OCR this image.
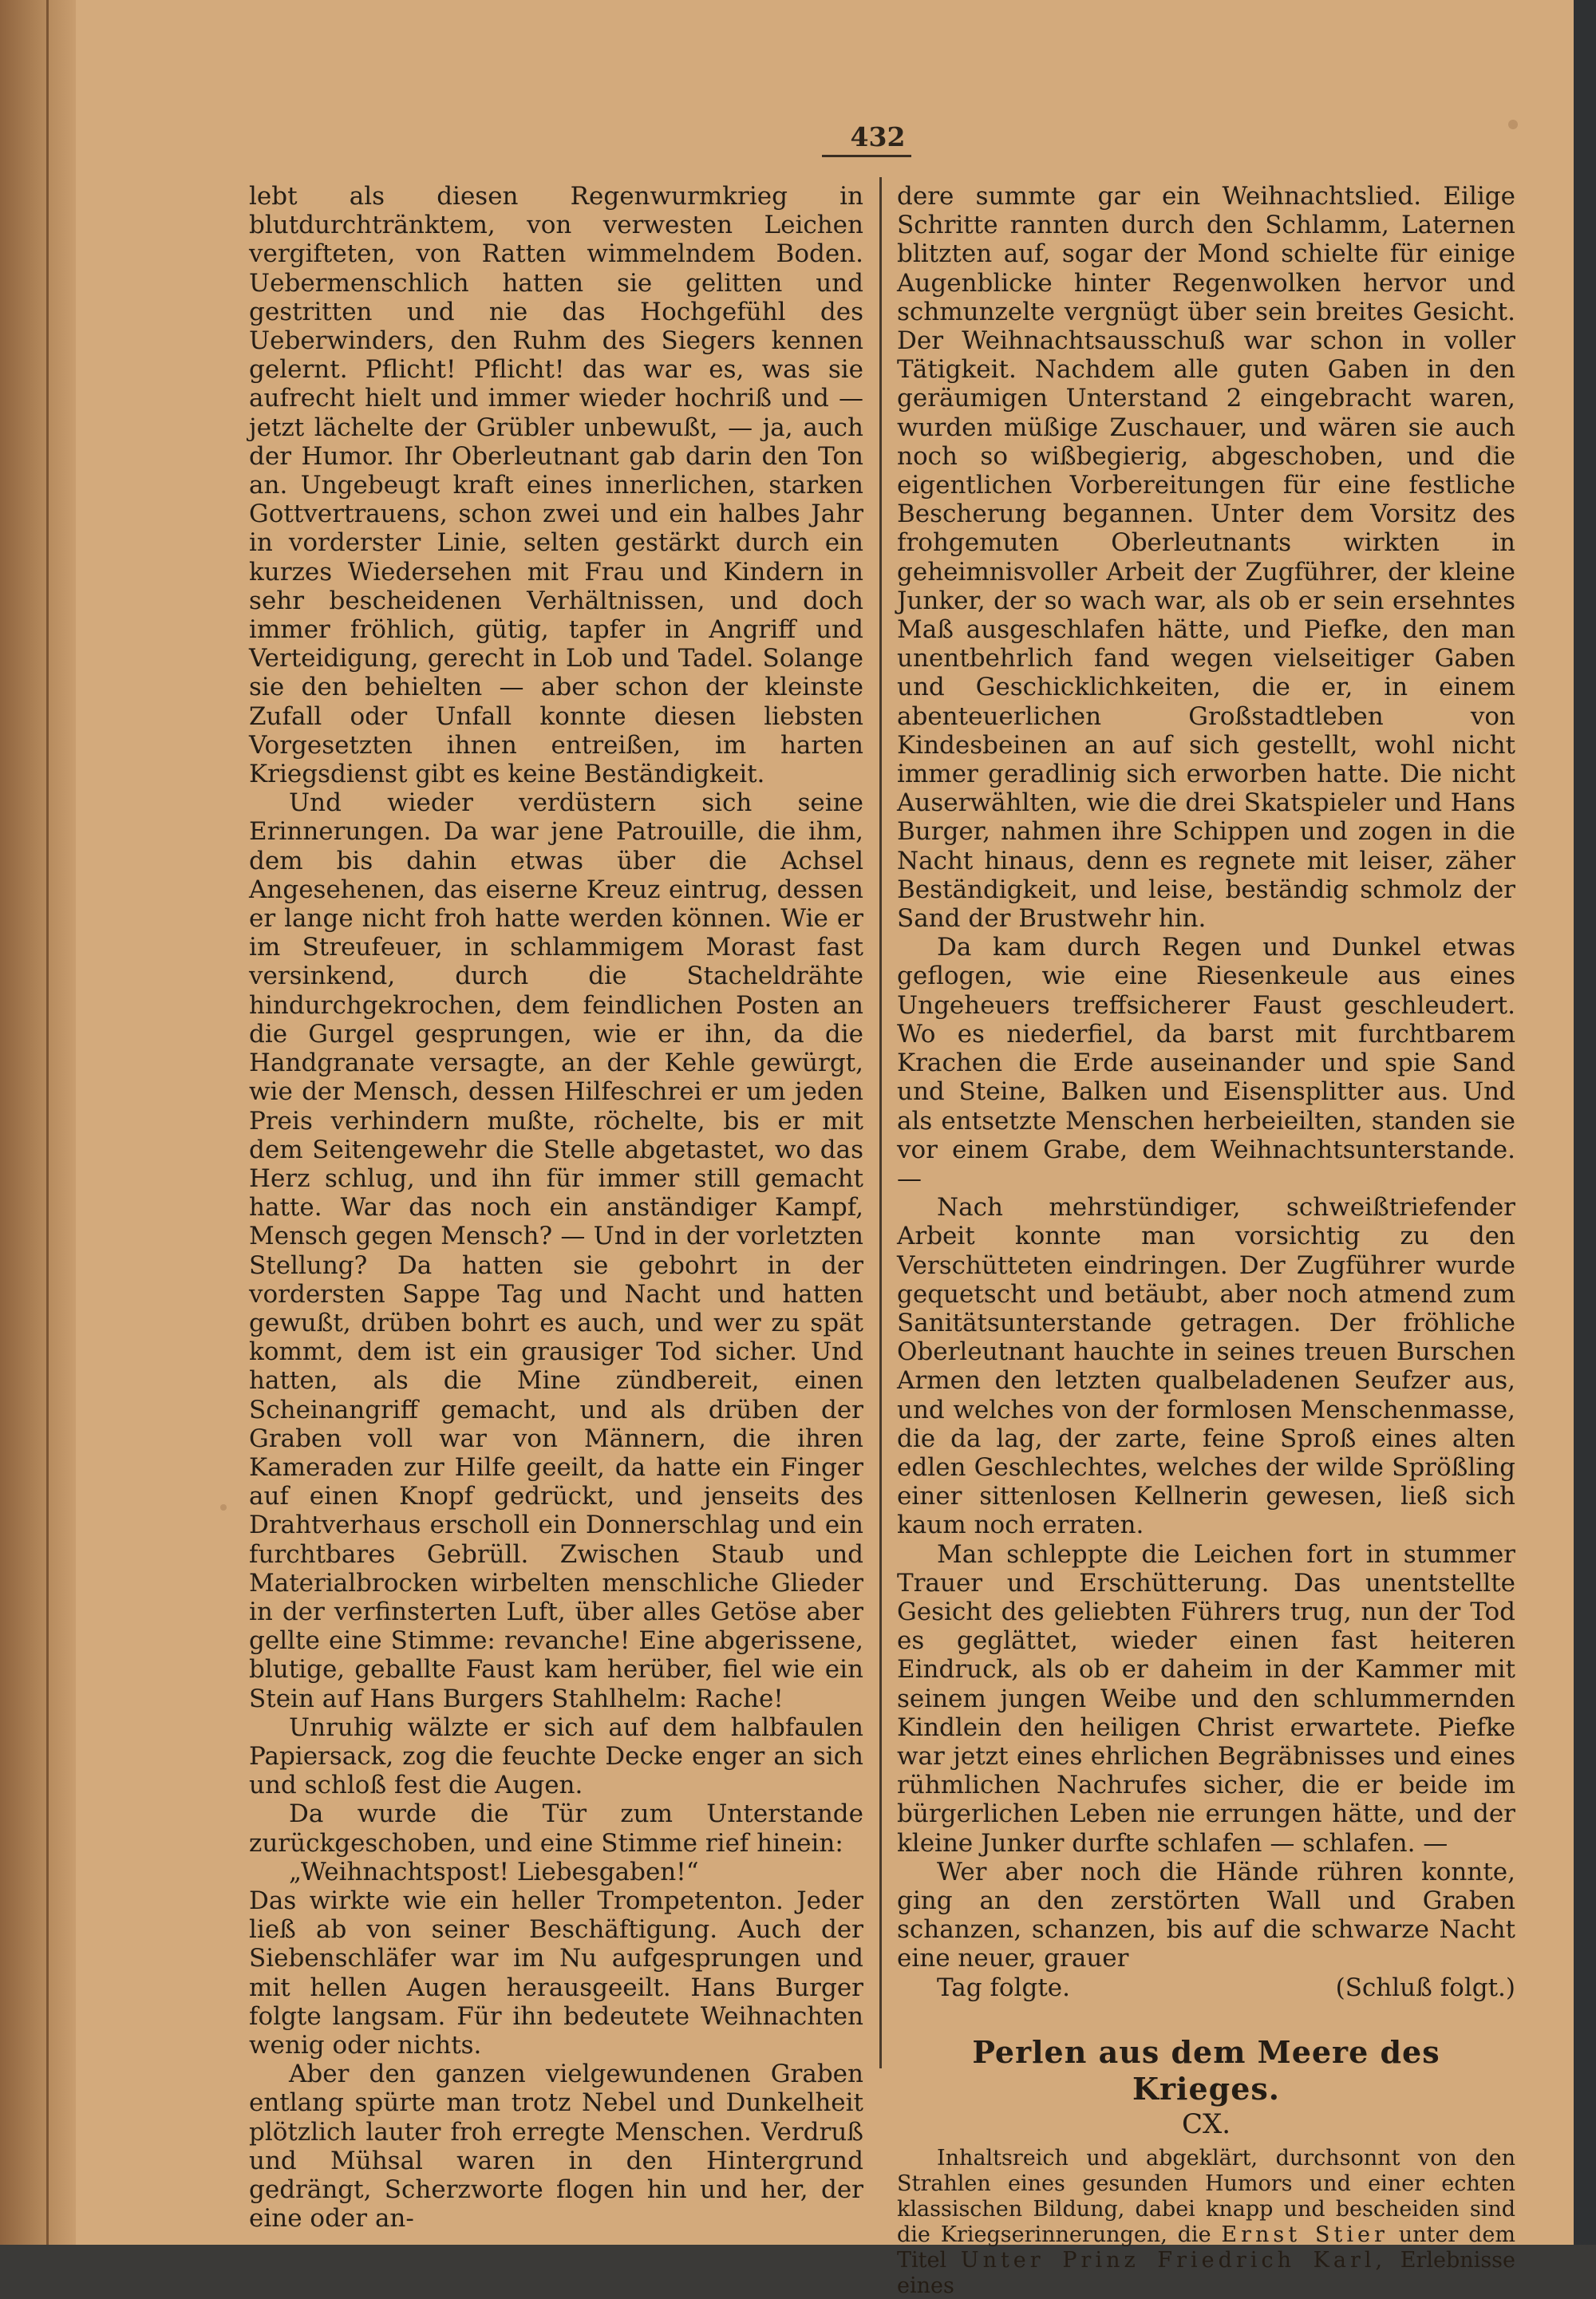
432

lebt als diesen Regenwurmkrieg in blutdurchtränktem, von verwesten Leichen vergifteten, von Ratten wimmelndem Boden. Uebermenschlich hatten sie gelitten und gestritten und nie das Hochgefühl des Ueberwinders, den Ruhm des Siegers kennen gelernt. Pflicht! Pflicht! das war es, was sie aufrecht hielt und immer wieder hochriß und — jetzt lächelte der Grübler unbewußt, — ja, auch der Humor. Ihr Oberleutnant gab darin den Ton an. Ungebeugt kraft eines innerlichen, starken Gottvertrauens, schon zwei und ein halbes Jahr in vorderster Linie, selten gestärkt durch ein kurzes Wiedersehen mit Frau und Kindern in sehr bescheidenen Verhältnissen, und doch immer fröhlich, gütig, tapfer in Angriff und Verteidigung, gerecht in Lob und Tadel. Solange sie den behielten — aber schon der kleinste Zufall oder Unfall konnte diesen liebsten Vorgesetzten ihnen entreißen, im harten Kriegsdienst gibt es keine Beständigkeit.

Und wieder verdüstern sich seine Erinnerungen. Da war jene Patrouille, die ihm, dem bis dahin etwas über die Achsel Angesehenen, das eiserne Kreuz eintrug, dessen er lange nicht froh hatte werden können. Wie er im Streufeuer, in schlammigem Morast fast versinkend, durch die Stacheldrähte hindurchgekrochen, dem feindlichen Posten an die Gurgel gesprungen, wie er ihn, da die Handgranate versagte, an der Kehle gewürgt, wie der Mensch, dessen Hilfeschrei er um jeden Preis verhindern mußte, röchelte, bis er mit dem Seitengewehr die Stelle abgetastet, wo das Herz schlug, und ihn für immer still gemacht hatte. War das noch ein anständiger Kampf, Mensch gegen Mensch? — Und in der vorletzten Stellung? Da hatten sie gebohrt in der vordersten Sappe Tag und Nacht und hatten gewußt, drüben bohrt es auch, und wer zu spät kommt, dem ist ein grausiger Tod sicher. Und hatten, als die Mine zündbereit, einen Scheinangriff gemacht, und als drüben der Graben voll war von Männern, die ihren Kameraden zur Hilfe geeilt, da hatte ein Finger auf einen Knopf gedrückt, und jenseits des Drahtverhaus erscholl ein Donnerschlag und ein furchtbares Gebrüll. Zwischen Staub und Materialbrocken wirbelten menschliche Glieder in der verfinsterten Luft, über alles Getöse aber gellte eine Stimme: revanche! Eine abgerissene, blutige, geballte Faust kam herüber, fiel wie ein Stein auf Hans Burgers Stahlhelm: Rache!

Unruhig wälzte er sich auf dem halbfaulen Papiersack, zog die feuchte Decke enger an sich und schloß fest die Augen.

Da wurde die Tür zum Unterstande zurückgeschoben, und eine Stimme rief hinein:

„Weihnachtspost! Liebesgaben!“

Das wirkte wie ein heller Trompetenton. Jeder ließ ab von seiner Beschäftigung. Auch der Siebenschläfer war im Nu aufgesprungen und mit hellen Augen herausgeeilt. Hans Burger folgte langsam. Für ihn bedeutete Weihnachten wenig oder nichts.

Aber den ganzen vielgewundenen Graben entlang spürte man trotz Nebel und Dunkelheit plötzlich lauter froh erregte Menschen. Verdruß und Mühsal waren in den Hintergrund gedrängt, Scherzworte flogen hin und her, der eine oder an-

dere summte gar ein Weihnachtslied. Eilige Schritte rannten durch den Schlamm, Laternen blitzten auf, sogar der Mond schielte für einige Augenblicke hinter Regenwolken hervor und schmunzelte vergnügt über sein breites Gesicht. Der Weihnachtsausschuß war schon in voller Tätigkeit. Nachdem alle guten Gaben in den geräumigen Unterstand 2 eingebracht waren, wurden müßige Zuschauer, und wären sie auch noch so wißbegierig, abgeschoben, und die eigentlichen Vorbereitungen für eine festliche Bescherung begannen. Unter dem Vorsitz des frohgemuten Oberleutnants wirkten in geheimnisvoller Arbeit der Zugführer, der kleine Junker, der so wach war, als ob er sein ersehntes Maß ausgeschlafen hätte, und Piefke, den man unentbehrlich fand wegen vielseitiger Gaben und Geschicklichkeiten, die er, in einem abenteuerlichen Großstadtleben von Kindesbeinen an auf sich gestellt, wohl nicht immer geradlinig sich erworben hatte. Die nicht Auserwählten, wie die drei Skatspieler und Hans Burger, nahmen ihre Schippen und zogen in die Nacht hinaus, denn es regnete mit leiser, zäher Beständigkeit, und leise, beständig schmolz der Sand der Brustwehr hin.

Da kam durch Regen und Dunkel etwas geflogen, wie eine Riesenkeule aus eines Ungeheuers treffsicherer Faust geschleudert. Wo es niederfiel, da barst mit furchtbarem Krachen die Erde auseinander und spie Sand und Steine, Balken und Eisensplitter aus. Und als entsetzte Menschen herbeieilten, standen sie vor einem Grabe, dem Weihnachtsunterstande. —

Nach mehrstündiger, schweißtriefender Arbeit konnte man vorsichtig zu den Verschütteten eindringen. Der Zugführer wurde gequetscht und betäubt, aber noch atmend zum Sanitätsunterstande getragen. Der fröhliche Oberleutnant hauchte in seines treuen Burschen Armen den letzten qualbeladenen Seufzer aus, und welches von der formlosen Menschenmasse, die da lag, der zarte, feine Sproß eines alten edlen Geschlechtes, welches der wilde Sprößling einer sittenlosen Kellnerin gewesen, ließ sich kaum noch erraten.

Man schleppte die Leichen fort in stummer Trauer und Erschütterung. Das unentstellte Gesicht des geliebten Führers trug, nun der Tod es geglättet, wieder einen fast heiteren Eindruck, als ob er daheim in der Kammer mit seinem jungen Weibe und den schlummernden Kindlein den heiligen Christ erwartete. Piefke war jetzt eines ehrlichen Begräbnisses und eines rühmlichen Nachrufes sicher, die er beide im bürgerlichen Leben nie errungen hätte, und der kleine Junker durfte schlafen — schlafen. —

Wer aber noch die Hände rühren konnte, ging an den zerstörten Wall und Graben schanzen, schanzen, bis auf die schwarze Nacht eine neuer, grauer

Tag folgte.	(Schluß folgt.)
Perlen aus dem Meere des Krieges.
CX.

Inhaltsreich und abgeklärt, durchsonnt von den Strahlen eines gesunden Humors und einer echten klassischen Bildung, dabei knapp und bescheiden sind die Kriegserinnerungen, die Ernst Stier unter dem Titel Unter Prinz Friedrich Karl, Erlebnisse eines
